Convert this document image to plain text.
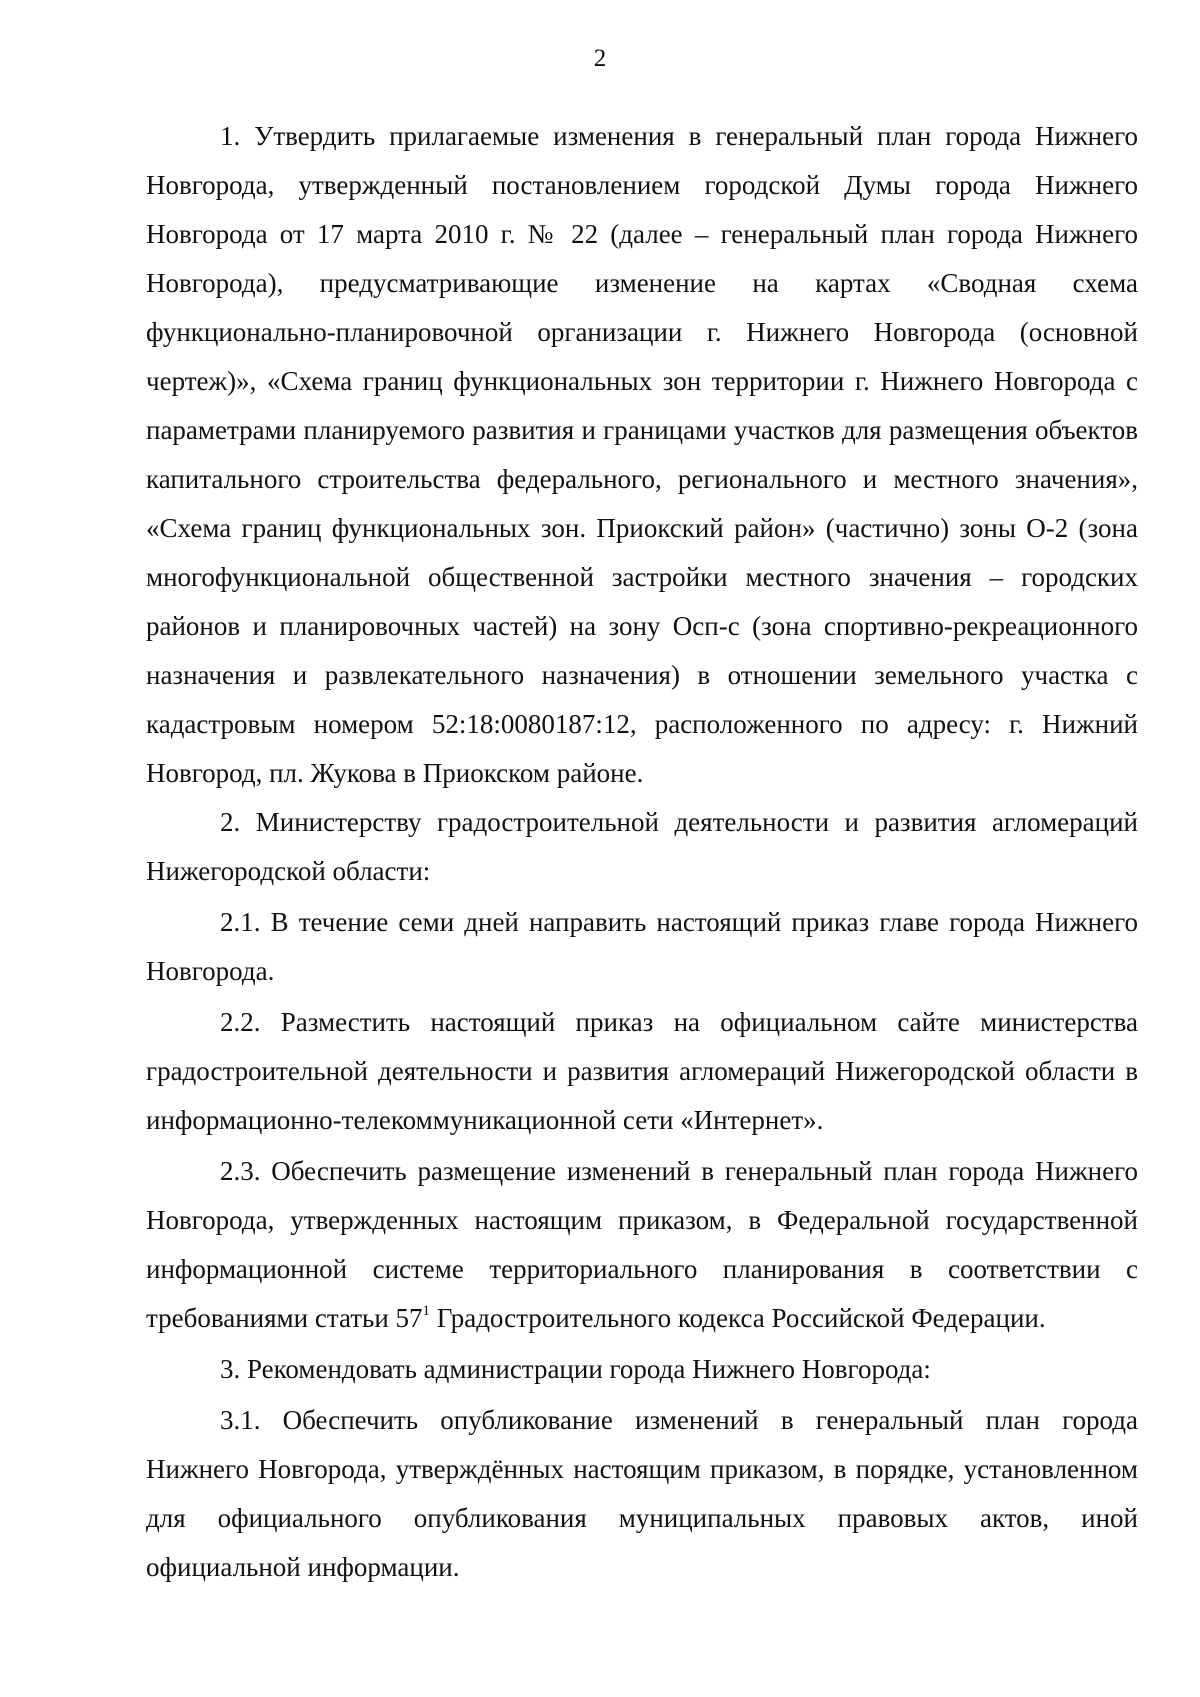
2

1. Утвердить прилагаемые изменения в генеральный план города Нижнего Новгорода, утвержденный постановлением городской Думы города Нижнего Новгорода от 17 марта 2010 г. № 22 (далее – генеральный план города Нижнего Новгорода), предусматривающие изменение на картах «Сводная схема функционально-планировочной организации г. Нижнего Новгорода (основной чертеж)», «Схема границ функциональных зон территории г. Нижнего Новгорода с параметрами планируемого развития и границами участков для размещения объектов капитального строительства федерального, регионального и местного значения», «Схема границ функциональных зон. Приокский район» (частично) зоны О-2 (зона многофункциональной общественной застройки местного значения – городских районов и планировочных частей) на зону Осп-с (зона спортивно-рекреационного назначения и развлекательного назначения) в отношении земельного участка с кадастровым номером 52:18:0080187:12, расположенного по адресу: г. Нижний Новгород, пл. Жукова в Приокском районе.

2. Министерству градостроительной деятельности и развития агломераций Нижегородской области:

2.1. В течение семи дней направить настоящий приказ главе города Нижнего Новгорода.

2.2. Разместить настоящий приказ на официальном сайте министерства градостроительной деятельности и развития агломераций Нижегородской области в информационно-телекоммуникационной сети «Интернет».

2.3. Обеспечить размещение изменений в генеральный план города Нижнего Новгорода, утвержденных настоящим приказом, в Федеральной государственной информационной системе территориального планирования в соответствии с требованиями статьи $57^1$ Градостроительного кодекса Российской Федерации.

3. Рекомендовать администрации города Нижнего Новгорода:

3.1. Обеспечить опубликование изменений в генеральный план города Нижнего Новгорода, утверждённых настоящим приказом, в порядке, установленном для официального опубликования муниципальных правовых актов, иной официальной информации.
